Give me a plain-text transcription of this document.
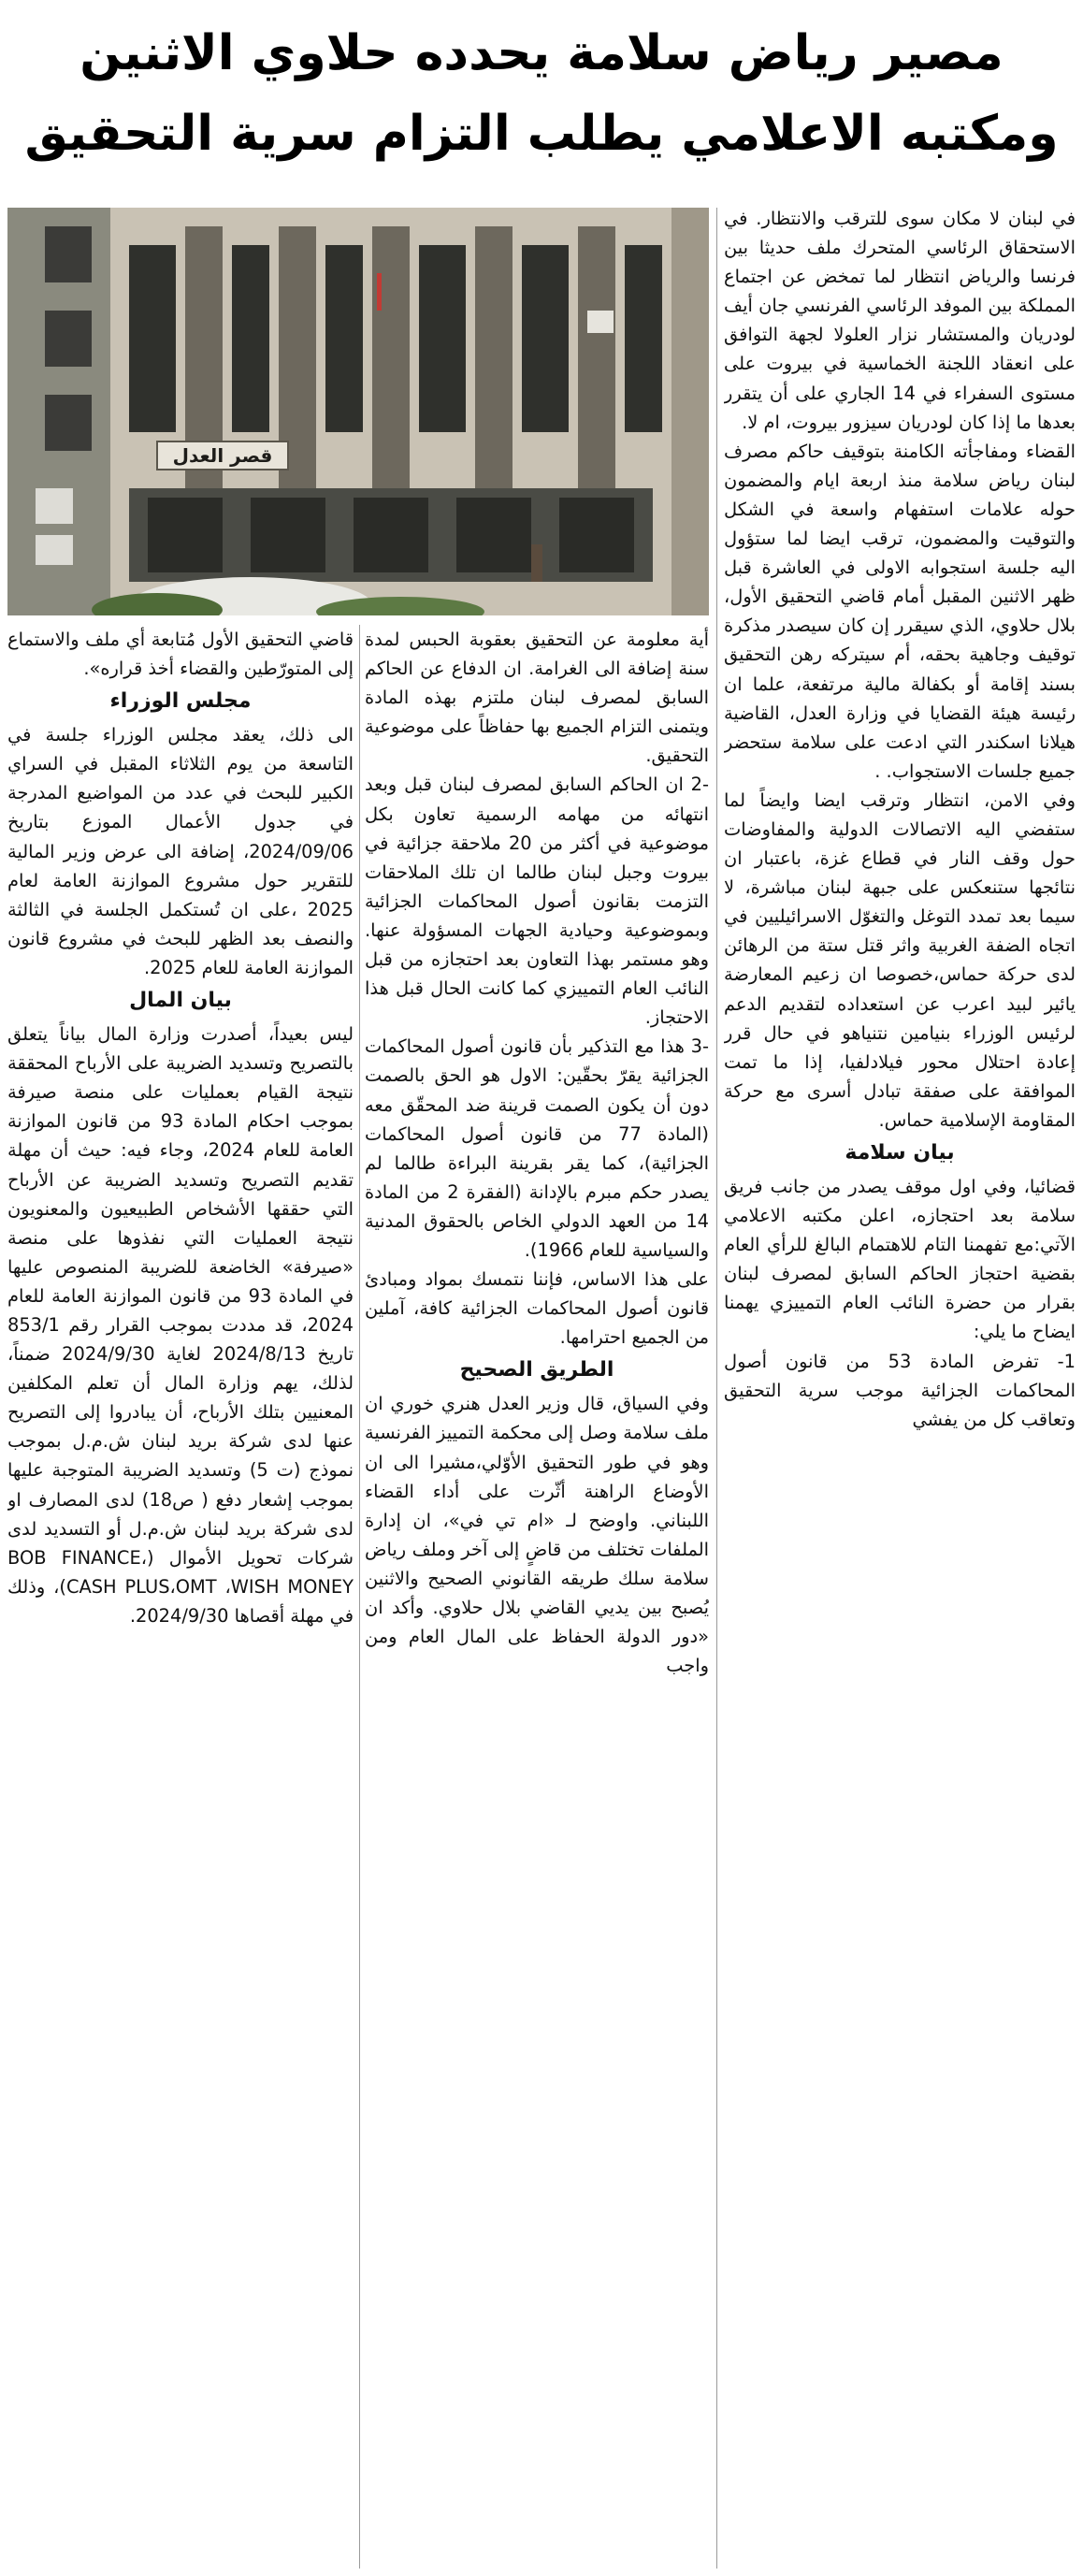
مصير رياض سلامة يحدده حلاوي الاثنين
ومكتبه الاعلامي يطلب التزام سرية التحقيق
قصر العدل

في لبنان لا مكان سوى للترقب والانتظار. في الاستحقاق الرئاسي المتحرك ملف حديثا بين فرنسا والرياض انتظار لما تمخض عن اجتماع المملكة بين الموفد الرئاسي الفرنسي جان أيف لودريان والمستشار نزار العلولا لجهة التوافق على انعقاد اللجنة الخماسية في بيروت على مستوى السفراء في 14 الجاري على أن يتقرر بعدها ما إذا كان لودريان سيزور بيروت، ام لا.

القضاء ومفاجأته الكامنة بتوقيف حاكم مصرف لبنان رياض سلامة منذ اربعة ايام والمضمون حوله علامات استفهام واسعة في الشكل والتوقيت والمضمون، ترقب ايضا لما ستؤول اليه جلسة استجوابه الاولى في العاشرة قبل ظهر الاثنين المقبل أمام قاضي التحقيق الأول، بلال حلاوي، الذي سيقرر إن كان سيصدر مذكرة توقيف وجاهية بحقه، أم سيتركه رهن التحقيق بسند إقامة أو بكفالة مالية مرتفعة، علما ان رئيسة هيئة القضايا في وزارة العدل، القاضية هيلانا اسكندر التي ادعت على سلامة ستحضر جميع جلسات الاستجواب. .

وفي الامن، انتظار وترقب ايضا وايضاً لما ستفضي اليه الاتصالات الدولية والمفاوضات حول وقف النار في قطاع غزة، باعتبار ان نتائجها ستنعكس على جبهة لبنان مباشرة، لا سيما بعد تمدد التوغل والتغوّل الاسرائيليين في اتجاه الضفة الغربية واثر قتل ستة من الرهائن لدى حركة حماس،خصوصا ان زعيم المعارضة يائير لبيد اعرب عن استعداده لتقديم الدعم لرئيس الوزراء بنيامين نتنياهو في حال قرر إعادة احتلال محور فيلادلفيا، إذا ما تمت الموافقة على صفقة تبادل أسرى مع حركة المقاومة الإسلامية حماس.

بيان سلامة

قضائيا، وفي اول موقف يصدر من جانب فريق سلامة بعد احتجازه، اعلن مكتبه الاعلامي الآتي:مع تفهمنا التام للاهتمام البالغ للرأي العام بقضية احتجاز الحاكم السابق لمصرف لبنان بقرار من حضرة النائب العام التمييزي يهمنا ايضاح ما يلي:

1- تفرض المادة 53 من قانون أصول المحاكمات الجزائية موجب سرية التحقيق وتعاقب كل من يفشي

أية معلومة عن التحقيق بعقوبة الحبس لمدة سنة إضافة الى الغرامة. ان الدفاع عن الحاكم السابق لمصرف لبنان ملتزم بهذه المادة ويتمنى التزام الجميع بها حفاظاً على موضوعية التحقيق.

-2 ان الحاكم السابق لمصرف لبنان قبل وبعد انتهائه من مهامه الرسمية تعاون بكل موضوعية في أكثر من 20 ملاحقة جزائية في بيروت وجبل لبنان طالما ان تلك الملاحقات التزمت بقانون أصول المحاكمات الجزائية وبموضوعية وحيادية الجهات المسؤولة عنها. وهو مستمر بهذا التعاون بعد احتجازه من قبل النائب العام التمييزي كما كانت الحال قبل هذا الاحتجاز.

-3 هذا مع التذكير بأن قانون أصول المحاكمات الجزائية يقرّ بحقّين: الاول هو الحق بالصمت دون أن يكون الصمت قرينة ضد المحقّق معه (المادة 77 من قانون أصول المحاكمات الجزائية)، كما يقر بقرينة البراءة طالما لم يصدر حكم مبرم بالإدانة (الفقرة 2 من المادة 14 من العهد الدولي الخاص بالحقوق المدنية والسياسية للعام 1966).

على هذا الاساس، فإننا نتمسك بمواد ومبادئ قانون أصول المحاكمات الجزائية كافة، آملين من الجميع احترامها.

الطريق الصحيح

وفي السياق، قال وزير العدل هنري خوري ان ملف سلامة وصل إلى محكمة التمييز الفرنسية وهو في طور التحقيق الأوّلي،مشيرا الى ان الأوضاع الراهنة أثّرت على أداء القضاء اللبناني. واوضح لـ «ام تي في»، ان إدارة الملفات تختلف من قاضٍ إلى آخر وملف رياض سلامة سلك طريقه القانوني الصحيح والاثنين يُصبح بين يديي القاضي بلال حلاوي. وأكد ان «دور الدولة الحفاظ على المال العام ومن واجب

قاضي التحقيق الأول مُتابعة أي ملف والاستماع إلى المتورّطين والقضاء أخذ قراره».

مجلس الوزراء

الى ذلك، يعقد مجلس الوزراء جلسة في التاسعة من يوم الثلاثاء المقبل في السراي الكبير للبحث في عدد من المواضيع المدرجة في جدول الأعمال الموزع بتاريخ 2024/09/06، إضافة الى عرض وزير المالية للتقرير حول مشروع الموازنة العامة لعام 2025 ،على ان تُستكمل الجلسة في الثالثة والنصف بعد الظهر للبحث في مشروع قانون الموازنة العامة للعام 2025.

بيان المال

ليس بعيداً، أصدرت وزارة المال بياناً يتعلق بالتصريح وتسديد الضريبة على الأرباح المحققة نتيجة القيام بعمليات على منصة صيرفة بموجب احكام المادة 93 من قانون الموازنة العامة للعام 2024، وجاء فيه: حيث أن مهلة تقديم التصريح وتسديد الضريبة عن الأرباح التي حققها الأشخاص الطبيعيون والمعنويون نتيجة العمليات التي نفذوها على منصة «صيرفة» الخاضعة للضريبة المنصوص عليها في المادة 93 من قانون الموازنة العامة للعام 2024، قد مددت بموجب القرار رقم 853/1 تاريخ 2024/8/13 لغاية 2024/9/30 ضمناً، لذلك، يهم وزارة المال أن تعلم المكلفين المعنيين بتلك الأرباح، أن يبادروا إلى التصريح عنها لدى شركة بريد لبنان ش.م.ل بموجب نموذج (ت 5) وتسديد الضريبة المتوجبة عليها بموجب إشعار دفع ( ص18) لدى المصارف او لدى شركة بريد لبنان ش.م.ل أو التسديد لدى شركات تحويل الأموال (BOB FINANCE، CASH PLUS،OMT ،WISH MONEY)، وذلك في مهلة أقصاها 2024/9/30.
